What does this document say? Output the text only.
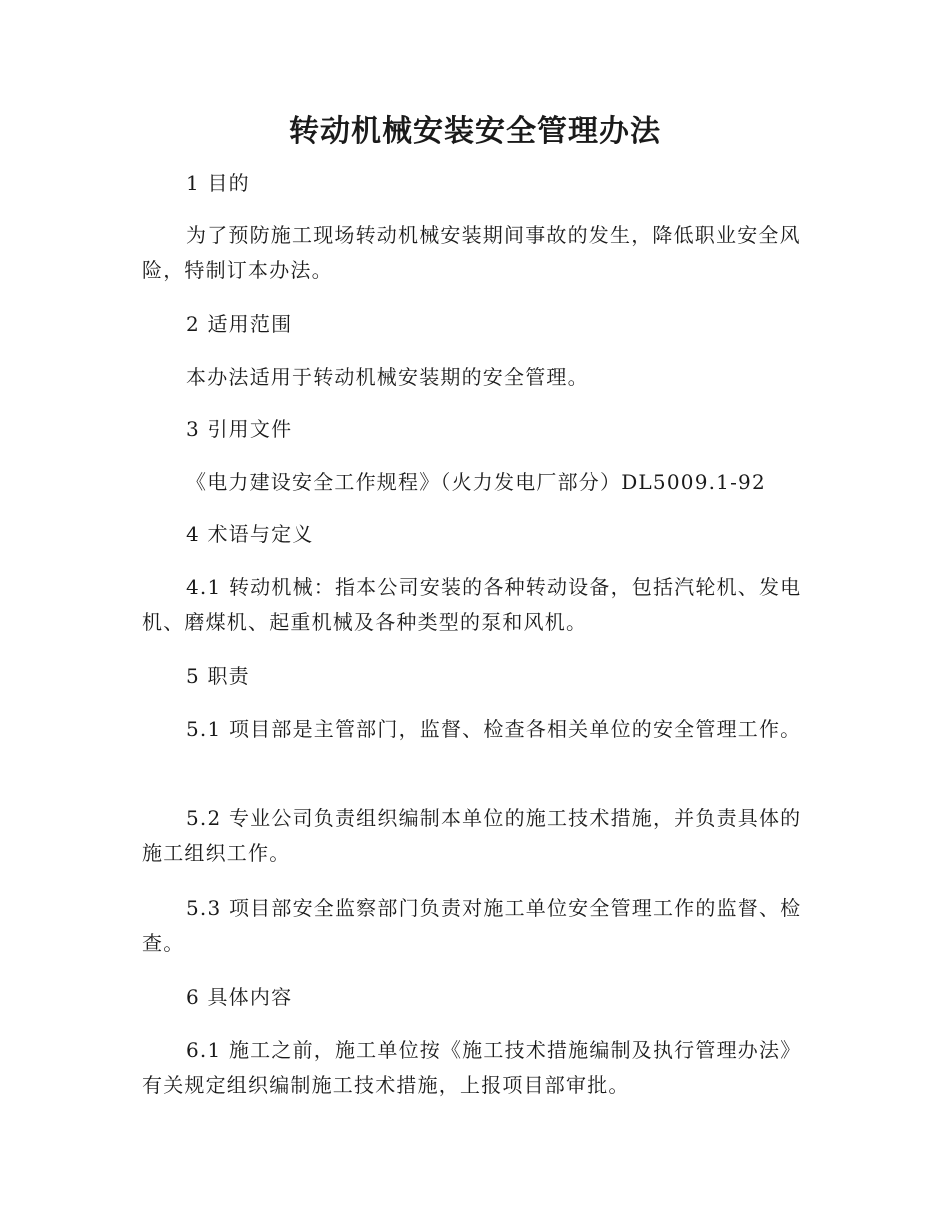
转动机械安装安全管理办法

1 目的

为了预防施工现场转动机械安装期间事故的发生，降低职业安全风险，特制订本办法。

2 适用范围

本办法适用于转动机械安装期的安全管理。

3 引用文件

《电力建设安全工作规程》（火力发电厂部分）DL5009.1-92

4 术语与定义

4.1 转动机械：指本公司安装的各种转动设备，包括汽轮机、发电机、磨煤机、起重机械及各种类型的泵和风机。

5 职责

5.1 项目部是主管部门，监督、检查各相关单位的安全管理工作。

5.2 专业公司负责组织编制本单位的施工技术措施，并负责具体的施工组织工作。

5.3 项目部安全监察部门负责对施工单位安全管理工作的监督、检查。

6 具体内容

6.1 施工之前，施工单位按《施工技术措施编制及执行管理办法》有关规定组织编制施工技术措施，上报项目部审批。
